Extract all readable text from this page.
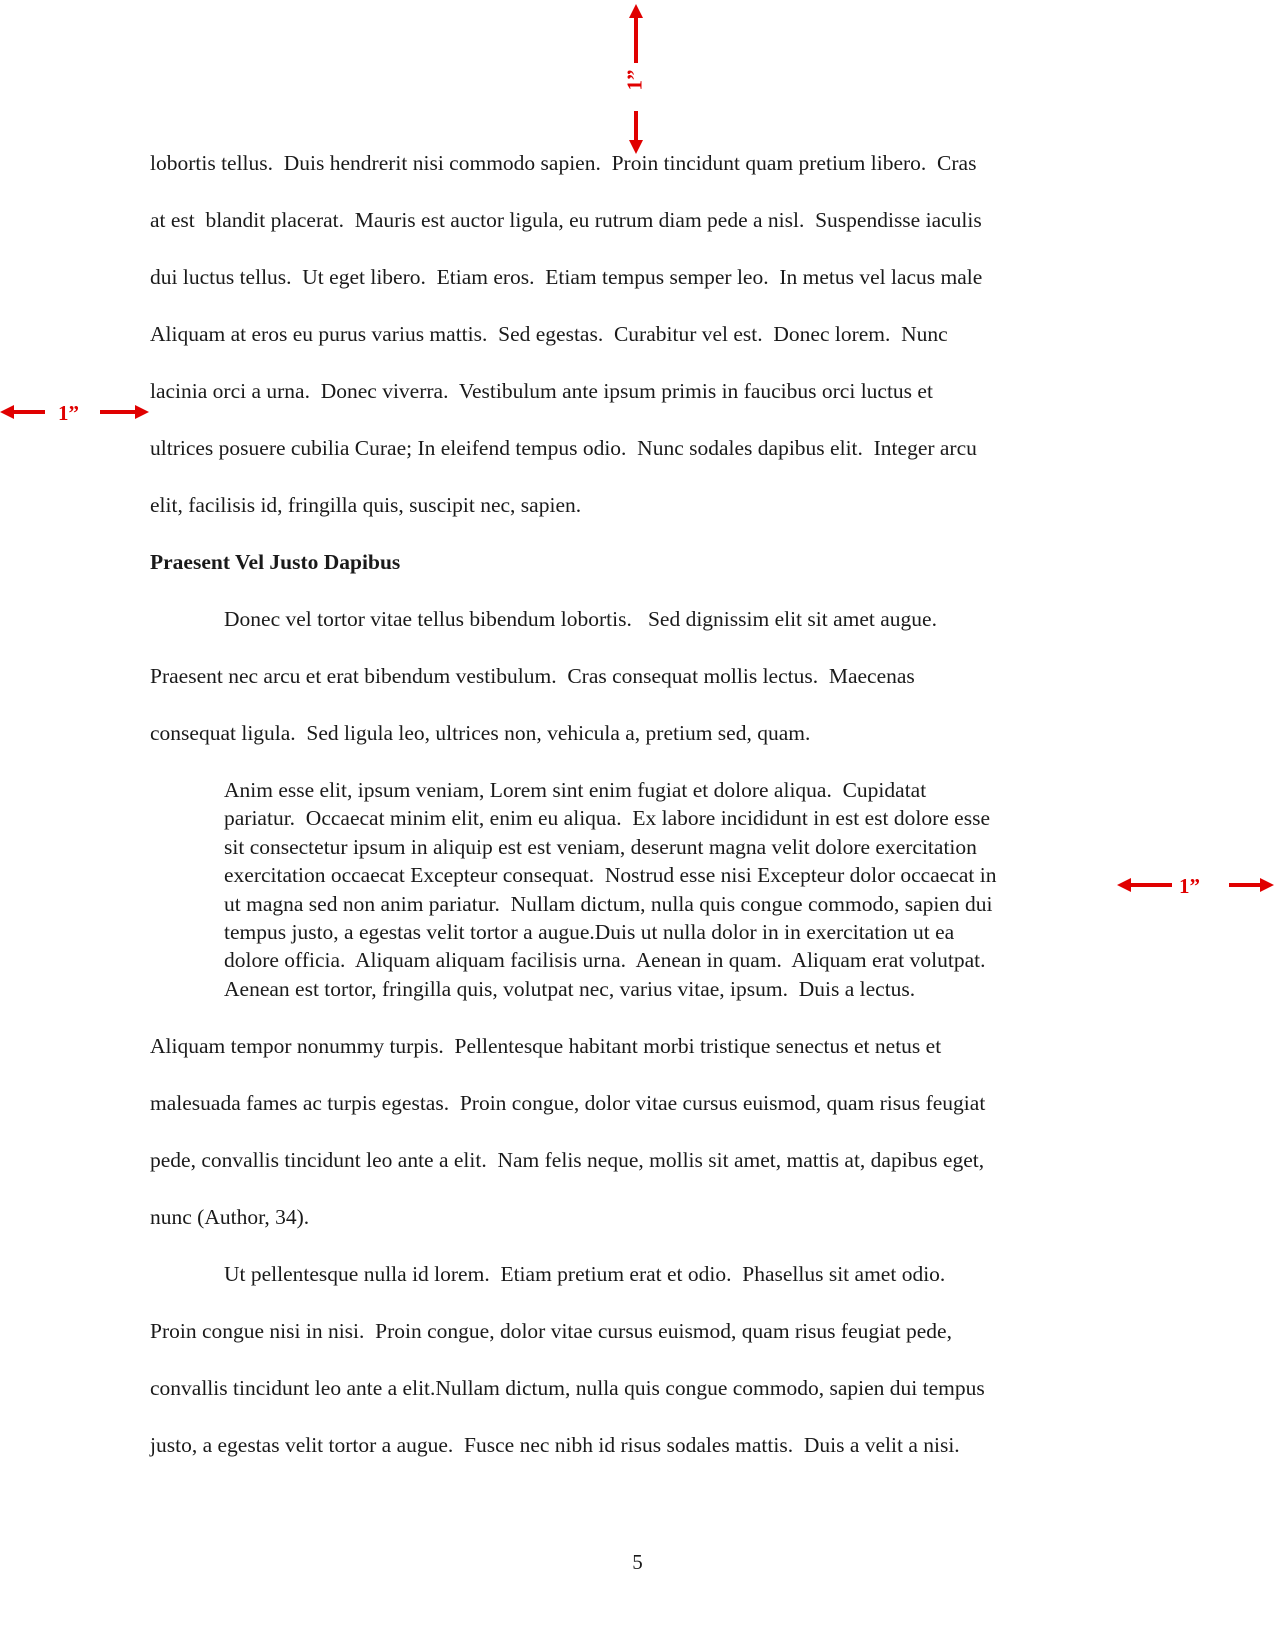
1”
1”
1”
lobortis tellus.  Duis hendrerit nisi commodo sapien.  Proin tincidunt quam pretium libero.  Cras
at est  blandit placerat.  Mauris est auctor ligula, eu rutrum diam pede a nisl.  Suspendisse iaculis
dui luctus tellus.  Ut eget libero.  Etiam eros.  Etiam tempus semper leo.  In metus vel lacus male
Aliquam at eros eu purus varius mattis.  Sed egestas.  Curabitur vel est.  Donec lorem.  Nunc
lacinia orci a urna.  Donec viverra.  Vestibulum ante ipsum primis in faucibus orci luctus et
ultrices posuere cubilia Curae; In eleifend tempus odio.  Nunc sodales dapibus elit.  Integer arcu
elit, facilisis id, fringilla quis, suscipit nec, sapien.
Praesent Vel Justo Dapibus
Donec vel tortor vitae tellus bibendum lobortis.   Sed dignissim elit sit amet augue.
Praesent nec arcu et erat bibendum vestibulum.  Cras consequat mollis lectus.  Maecenas
consequat ligula.  Sed ligula leo, ultrices non, vehicula a, pretium sed, quam.
Anim esse elit, ipsum veniam, Lorem sint enim fugiat et dolore aliqua.  Cupidatat
pariatur.  Occaecat minim elit, enim eu aliqua.  Ex labore incididunt in est est dolore esse
sit consectetur ipsum in aliquip est est veniam, deserunt magna velit dolore exercitation
exercitation occaecat Excepteur consequat.  Nostrud esse nisi Excepteur dolor occaecat in
ut magna sed non anim pariatur.  Nullam dictum, nulla quis congue commodo, sapien dui
tempus justo, a egestas velit tortor a augue.Duis ut nulla dolor in in exercitation ut ea
dolore officia.  Aliquam aliquam facilisis urna.  Aenean in quam.  Aliquam erat volutpat.
Aenean est tortor, fringilla quis, volutpat nec, varius vitae, ipsum.  Duis a lectus.
Aliquam tempor nonummy turpis.  Pellentesque habitant morbi tristique senectus et netus et
malesuada fames ac turpis egestas.  Proin congue, dolor vitae cursus euismod, quam risus feugiat
pede, convallis tincidunt leo ante a elit.  Nam felis neque, mollis sit amet, mattis at, dapibus eget,
nunc (Author, 34).
Ut pellentesque nulla id lorem.  Etiam pretium erat et odio.  Phasellus sit amet odio.
Proin congue nisi in nisi.  Proin congue, dolor vitae cursus euismod, quam risus feugiat pede,
convallis tincidunt leo ante a elit.Nullam dictum, nulla quis congue commodo, sapien dui tempus
justo, a egestas velit tortor a augue.  Fusce nec nibh id risus sodales mattis.  Duis a velit a nisi.
5
